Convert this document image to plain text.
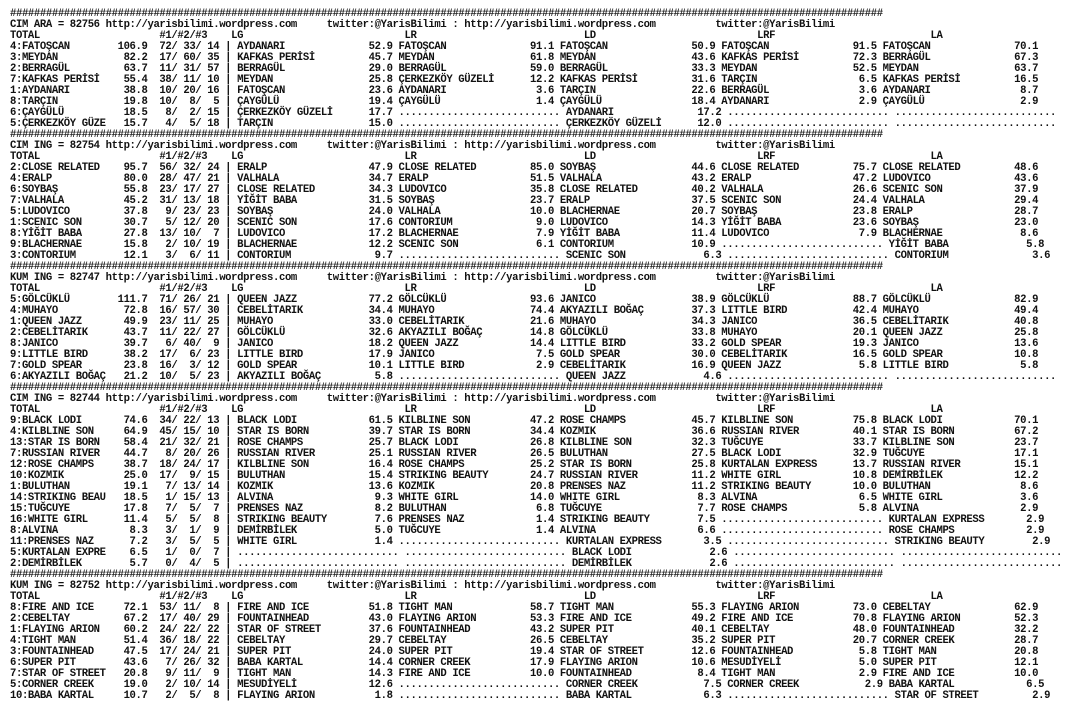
##################################################################################################################################################
CIM ARA = 82756 http://yarisbilimi.wordpress.com     twitter:@YarisBilimi : http://yarisbilimi.wordpress.com          twitter:@YarisBilimi
TOTAL                    #1/#2/#3    LG                           LR                            LD                           LRF                          LA
4:FATOŞCAN        106.9  72/ 33/ 14 | AYDANARI              52.9 FATOŞCAN              91.1 FATOŞCAN              50.9 FATOŞCAN              91.5 FATOŞCAN              70.1
3:MEYDAN           82.2  17/ 60/ 35 | KAFKAS PERİSİ         45.7 MEYDAN                61.8 MEYDAN                43.6 KAFKAS PERİSİ         72.3 BERRAGÜL              67.3
2:BERRAGÜL         63.7  11/ 31/ 57 | BERRAGÜL              29.0 BERRAGÜL              59.0 BERRAGÜL              33.3 MEYDAN                52.5 MEYDAN                63.7
7:KAFKAS PERİSİ    55.4  38/ 11/ 10 | MEYDAN                25.8 ÇERKEZKÖY GÜZELİ      12.2 KAFKAS PERİSİ         31.6 TARÇIN                 6.5 KAFKAS PERİSİ         16.5
1:AYDANARI         38.8  10/ 20/ 16 | FATOŞCAN              23.6 AYDANARI               3.6 TARÇIN                22.6 BERRAGÜL               3.6 AYDANARI               8.7
8:TARÇIN           19.8  10/  8/  5 | ÇAYGÜLÜ               19.4 ÇAYGÜLÜ                1.4 ÇAYGÜLÜ               18.4 AYDANARI               2.9 ÇAYGÜLÜ                2.9
6:ÇAYGÜLÜ          18.5   8/  2/ 15 | ÇERKEZKÖY GÜZELİ      17.7 ........................... AYDANARI              17.2 ........................... ...........................
5:ÇERKEZKÖY GÜZE   15.7   4/  5/ 18 | TARÇIN                15.0 ........................... ÇERKEZKÖY GÜZELİ      12.0 ........................... ...........................
##################################################################################################################################################
CIM ING = 82754 http://yarisbilimi.wordpress.com     twitter:@YarisBilimi : http://yarisbilimi.wordpress.com          twitter:@YarisBilimi
TOTAL                    #1/#2/#3    LG                           LR                            LD                           LRF                          LA
2:CLOSE RELATED    95.7  56/ 32/ 24 | ERALP                 47.9 CLOSE RELATED         85.0 SOYBAŞ                44.6 CLOSE RELATED         75.7 CLOSE RELATED         48.6
4:ERALP            80.0  28/ 47/ 21 | VALHALA               34.7 ERALP                 51.5 VALHALA               43.2 ERALP                 47.2 LUDOVICO              43.6
6:SOYBAŞ           55.8  23/ 17/ 27 | CLOSE RELATED         34.3 LUDOVICO              35.8 CLOSE RELATED         40.2 VALHALA               26.6 SCENIC SON            37.9
7:VALHALA          45.2  31/ 13/ 18 | YİĞİT BABA            31.5 SOYBAŞ                23.7 ERALP                 37.5 SCENIC SON            24.4 VALHALA               29.4
5:LUDOVICO         37.8   9/ 23/ 23 | SOYBAŞ                24.0 VALHALA               10.0 BLACHERNAE            20.7 SOYBAŞ                23.8 ERALP                 28.7
1:SCENIC SON       30.7   5/ 12/ 20 | SCENIC SON            17.6 CONTORIUM              9.0 LUDOVICO              14.3 YİĞİT BABA            23.6 SOYBAŞ                23.0
8:YİĞİT BABA       27.8  13/ 10/  7 | LUDOVICO              17.2 BLACHERNAE             7.9 YİĞİT BABA            11.4 LUDOVICO               7.9 BLACHERNAE             8.6
9:BLACHERNAE       15.8   2/ 10/ 19 | BLACHERNAE            12.2 SCENIC SON             6.1 CONTORIUM             10.9 ........................... YİĞİT BABA             5.8
3:CONTORIUM        12.1   3/  6/ 11 | CONTORIUM              9.7 ........................... SCENIC SON             6.3 ........................... CONTORIUM              3.6
##################################################################################################################################################
KUM ING = 82747 http://yarisbilimi.wordpress.com     twitter:@YarisBilimi : http://yarisbilimi.wordpress.com          twitter:@YarisBilimi
TOTAL                    #1/#2/#3    LG                           LR                            LD                           LRF                          LA
5:GÖLCÜKLÜ        111.7  71/ 26/ 21 | QUEEN JAZZ            77.2 GÖLCÜKLÜ              93.6 JANICO                38.9 GÖLCÜKLÜ              88.7 GÖLCÜKLÜ              82.9
4:MUHAYO           72.8  16/ 57/ 30 | CEBELİTARIK           34.4 MUHAYO                74.4 AKYAZILI BOĞAÇ        37.3 LITTLE BIRD           42.4 MUHAYO                49.4
1:QUEEN JAZZ       49.9  23/ 11/ 25 | MUHAYO                33.0 CEBELİTARIK           21.6 MUHAYO                34.3 JANICO                36.5 CEBELİTARIK           40.8
2:CEBELİTARIK      43.7  11/ 22/ 27 | GÖLCÜKLÜ              32.6 AKYAZILI BOĞAÇ        14.8 GÖLCÜKLÜ              33.8 MUHAYO                20.1 QUEEN JAZZ            25.8
8:JANICO           39.7   6/ 40/  9 | JANICO                18.2 QUEEN JAZZ            14.4 LITTLE BIRD           33.2 GOLD SPEAR            19.3 JANICO                13.6
9:LITTLE BIRD      38.2  17/  6/ 23 | LITTLE BIRD           17.9 JANICO                 7.5 GOLD SPEAR            30.0 CEBELİTARIK           16.5 GOLD SPEAR            10.8
7:GOLD SPEAR       23.8  16/  3/ 12 | GOLD SPEAR            10.1 LITTLE BIRD            2.9 CEBELİTARIK           16.9 QUEEN JAZZ             5.8 LITTLE BIRD            5.8
6:AKYAZILI BOĞAÇ   21.2  10/  5/ 23 | AKYAZILI BOĞAÇ         5.8 ........................... QUEEN JAZZ             4.6 ........................... ...........................
##################################################################################################################################################
CIM ING = 82744 http://yarisbilimi.wordpress.com     twitter:@YarisBilimi : http://yarisbilimi.wordpress.com          twitter:@YarisBilimi
TOTAL                    #1/#2/#3    LG                           LR                            LD                           LRF                          LA
9:BLACK LODI       74.6  34/ 22/ 13 | BLACK LODI            61.5 KILBLINE SON          47.2 ROSE CHAMPS           45.7 KILBLINE SON          75.8 BLACK LODI            70.1
4:KILBLINE SON     64.9  45/ 15/ 10 | STAR IS BORN          39.7 STAR IS BORN          34.4 KOZMIK                36.6 RUSSIAN RIVER         40.1 STAR IS BORN          67.2
13:STAR IS BORN    58.4  21/ 32/ 21 | ROSE CHAMPS           25.7 BLACK LODI            26.8 KILBLINE SON          32.3 TUĞCUYE               33.7 KILBLINE SON          23.7
7:RUSSIAN RIVER    44.7   8/ 20/ 26 | RUSSIAN RIVER         25.1 RUSSIAN RIVER         26.5 BULUTHAN              27.5 BLACK LODI            32.9 TUĞCUYE               17.1
12:ROSE CHAMPS     38.7  18/ 24/ 17 | KILBLINE SON          16.4 ROSE CHAMPS           25.2 STAR IS BORN          25.8 KURTALAN EXPRESS      13.7 RUSSIAN RIVER         15.1
10:KOZMIK          25.0  17/  9/ 15 | BULUTHAN              15.4 STRIKING BEAUTY       24.7 RUSSIAN RIVER         11.2 WHITE GIRL            10.8 DEMİRBİLEK            12.2
1:BULUTHAN         19.1   7/ 13/ 14 | KOZMIK                13.6 KOZMIK                20.8 PRENSES NAZ           11.2 STRIKING BEAUTY       10.0 BULUTHAN               8.6
14:STRIKING BEAU   18.5   1/ 15/ 13 | ALVINA                 9.3 WHITE GIRL            14.0 WHITE GIRL             8.3 ALVINA                 6.5 WHITE GIRL             3.6
15:TUĞCUYE         17.8   7/  5/  7 | PRENSES NAZ            8.2 BULUTHAN               6.8 TUĞCUYE                7.7 ROSE CHAMPS            5.8 ALVINA                 2.9
16:WHITE GIRL      11.4   5/  5/  8 | STRIKING BEAUTY        7.6 PRENSES NAZ            1.4 STRIKING BEAUTY        7.5 ........................... KURTALAN EXPRESS       2.9
8:ALVINA            8.3   3/  1/  9 | DEMİRBİLEK             5.0 TUĞCUYE                1.4 ALVINA                 6.6 ........................... ROSE CHAMPS            2.9
11:PRENSES NAZ      7.2   3/  5/  5 | WHITE GIRL             1.4 ........................... KURTALAN EXPRESS       3.5 ........................... STRIKING BEAUTY        2.9
5:KURTALAN EXPRE    6.5   1/  0/  7 | ........................... ........................... BLACK LODI             2.6 ........................... ...........................
2:DEMİRBİLEK        5.7   0/  4/  5 | ........................... ........................... DEMİRBİLEK             2.6 ........................... ...........................
##################################################################################################################################################
KUM ING = 82752 http://yarisbilimi.wordpress.com     twitter:@YarisBilimi : http://yarisbilimi.wordpress.com          twitter:@YarisBilimi
TOTAL                    #1/#2/#3    LG                           LR                            LD                           LRF                          LA
8:FIRE AND ICE     72.1  53/ 11/  8 | FIRE AND ICE          51.8 TIGHT MAN             58.7 TIGHT MAN             55.3 FLAYING ARION         73.0 CEBELTAY              62.9
2:CEBELTAY         67.2  17/ 40/ 29 | FOUNTAINHEAD          43.0 FLAYING ARION         53.3 FIRE AND ICE          49.2 FIRE AND ICE          70.8 FLAYING ARION         52.3
1:FLAYING ARION    60.2  24/ 22/ 22 | STAR OF STREET        37.6 FOUNTAINHEAD          43.2 SUPER PIT             40.1 CEBELTAY              48.0 FOUNTAINHEAD          32.2
4:TIGHT MAN        51.4  36/ 18/ 22 | CEBELTAY              29.7 CEBELTAY              26.5 CEBELTAY              35.2 SUPER PIT             20.7 CORNER CREEK          28.7
3:FOUNTAINHEAD     47.5  17/ 24/ 21 | SUPER PIT             24.0 SUPER PIT             19.4 STAR OF STREET        12.6 FOUNTAINHEAD           5.8 TIGHT MAN             20.8
6:SUPER PIT        43.6   7/ 26/ 32 | BABA KARTAL           14.4 CORNER CREEK          17.9 FLAYING ARION         10.6 MESUDİYELİ             5.0 SUPER PIT             12.1
7:STAR OF STREET   20.8   9/ 11/  9 | TIGHT MAN             14.3 FIRE AND ICE          10.0 FOUNTAINHEAD           8.4 TIGHT MAN              2.9 FIRE AND ICE          10.0
5:CORNER CREEK     19.0   2/ 10/ 14 | MESUDİYELİ            12.6 ........................... CORNER CREEK           7.5 CORNER CREEK           2.9 BABA KARTAL            6.5
10:BABA KARTAL     10.7   2/  5/  8 | FLAYING ARION          1.8 ........................... BABA KARTAL            6.3 ........................... STAR OF STREET         2.9
